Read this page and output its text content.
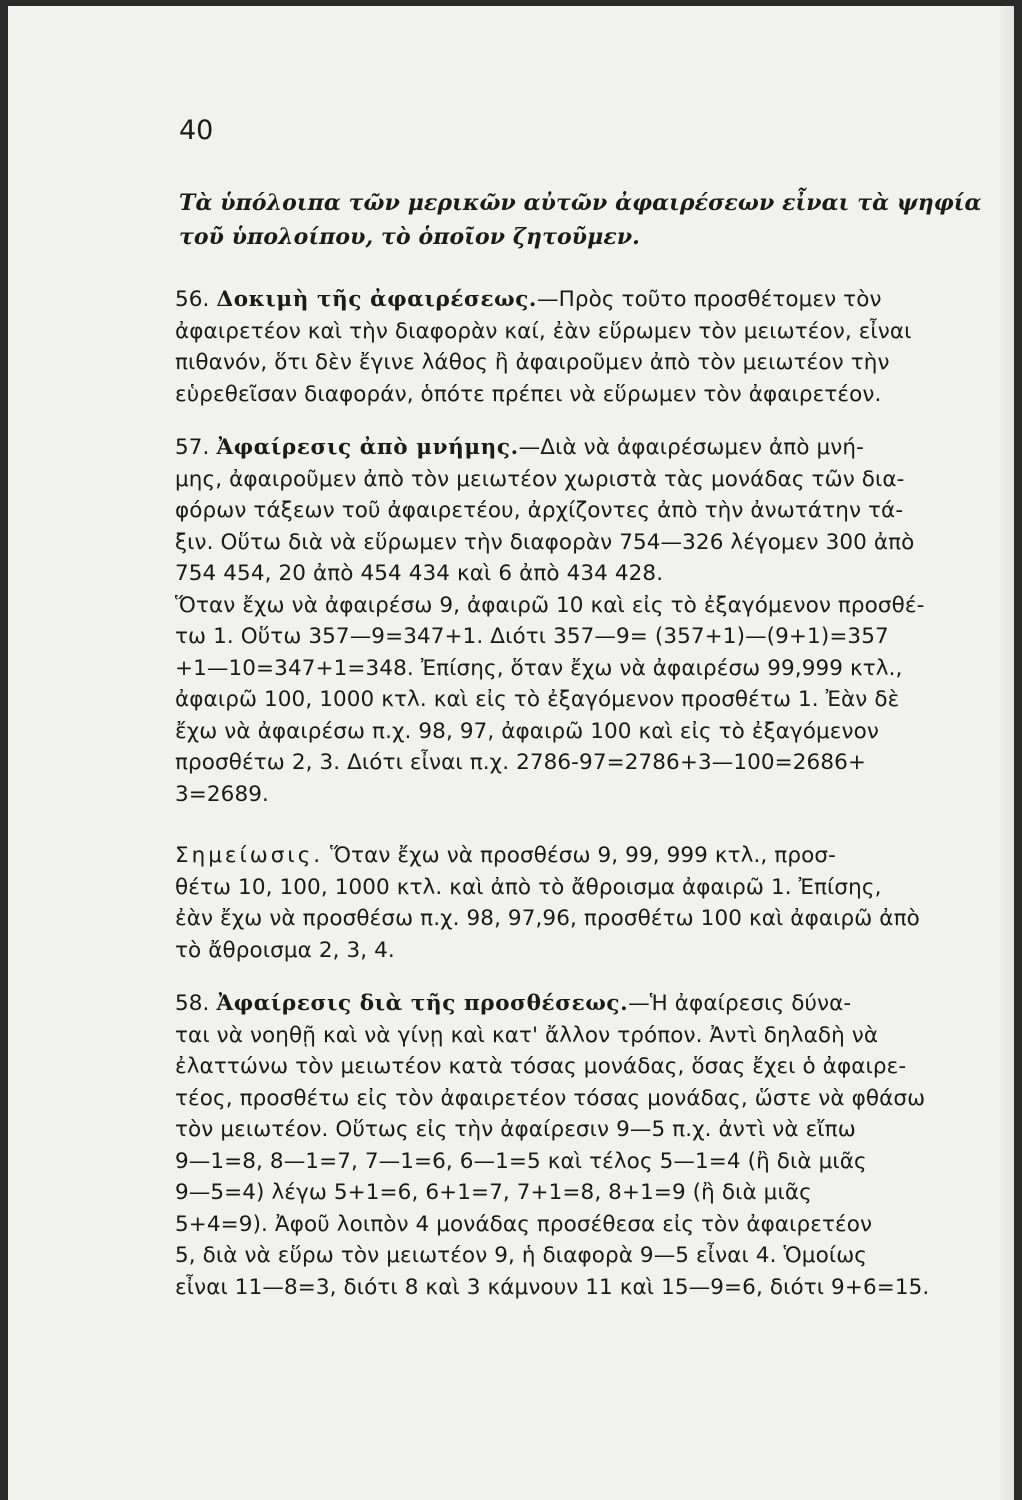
40
Τὰ ὑπόλοιπα τῶν μερικῶν αὐτῶν ἀφαιρέσεων εἶναι τὰ ψηφία
τοῦ ὑπολοίπου, τὸ ὁποῖον ζητοῦμεν.
56. Δοκιμὴ τῆς ἀφαιρέσεως.—Πρὸς τοῦτο προσθέτομεν τὸν
ἀφαιρετέον καὶ τὴν διαφορὰν καί, ἐὰν εὕρωμεν τὸν μειωτέον, εἶναι
πιθανόν, ὅτι δὲν ἔγινε λάθος ἢ ἀφαιροῦμεν ἀπὸ τὸν μειωτέον τὴν
εὑρεθεῖσαν διαφοράν, ὁπότε πρέπει νὰ εὕρωμεν τὸν ἀφαιρετέον.
57. Ἀφαίρεσις ἀπὸ μνήμης.—Διὰ νὰ ἀφαιρέσωμεν ἀπὸ μνή-
μης, ἀφαιροῦμεν ἀπὸ τὸν μειωτέον χωριστὰ τὰς μονάδας τῶν δια-
φόρων τάξεων τοῦ ἀφαιρετέου, ἀρχίζοντες ἀπὸ τὴν ἀνωτάτην τά-
ξιν. Οὕτω διὰ νὰ εὕρωμεν τὴν διαφορὰν 754—326 λέγομεν 300 ἀπὸ
754 454, 20 ἀπὸ 454 434 καὶ 6 ἀπὸ 434 428.
Ὅταν ἔχω νὰ ἀφαιρέσω 9, ἀφαιρῶ 10 καὶ εἰς τὸ ἐξαγόμενον προσθέ-
τω 1. Οὕτω 357—9=347+1. Διότι 357—9= (357+1)—(9+1)=357
+1—10=347+1=348. Ἐπίσης, ὅταν ἔχω νὰ ἀφαιρέσω 99,999 κτλ.,
ἀφαιρῶ 100, 1000 κτλ. καὶ εἰς τὸ ἐξαγόμενον προσθέτω 1. Ἐὰν δὲ
ἔχω νὰ ἀφαιρέσω π.χ. 98, 97, ἀφαιρῶ 100 καὶ εἰς τὸ ἐξαγόμενον
προσθέτω 2, 3. Διότι εἶναι π.χ. 2786-97=2786+3—100=2686+
3=2689.
Σημείωσις. Ὅταν ἔχω νὰ προσθέσω 9, 99, 999 κτλ., προσ-
θέτω 10, 100, 1000 κτλ. καὶ ἀπὸ τὸ ἄθροισμα ἀφαιρῶ 1. Ἐπίσης,
ἐὰν ἔχω νὰ προσθέσω π.χ. 98, 97,96, προσθέτω 100 καὶ ἀφαιρῶ ἀπὸ
τὸ ἄθροισμα 2, 3, 4.
58. Ἀφαίρεσις διὰ τῆς προσθέσεως.—Ἡ ἀφαίρεσις δύνα-
ται νὰ νοηθῇ καὶ νὰ γίνῃ καὶ κατ' ἄλλον τρόπον. Ἀντὶ δηλαδὴ νὰ
ἐλαττώνω τὸν μειωτέον κατὰ τόσας μονάδας, ὅσας ἔχει ὁ ἀφαιρε-
τέος, προσθέτω εἰς τὸν ἀφαιρετέον τόσας μονάδας, ὥστε νὰ φθάσω
τὸν μειωτέον. Οὕτως εἰς τὴν ἀφαίρεσιν 9—5 π.χ. ἀντὶ νὰ εἴπω
9—1=8, 8—1=7, 7—1=6, 6—1=5 καὶ τέλος 5—1=4 (ἢ διὰ μιᾶς
9—5=4) λέγω 5+1=6, 6+1=7, 7+1=8, 8+1=9 (ἢ διὰ μιᾶς
5+4=9). Ἀφοῦ λοιπὸν 4 μονάδας προσέθεσα εἰς τὸν ἀφαιρετέον
5, διὰ νὰ εὕρω τὸν μειωτέον 9, ἡ διαφορὰ 9—5 εἶναι 4. Ὁμοίως
εἶναι 11—8=3, διότι 8 καὶ 3 κάμνουν 11 καὶ 15—9=6, διότι 9+6=15.
